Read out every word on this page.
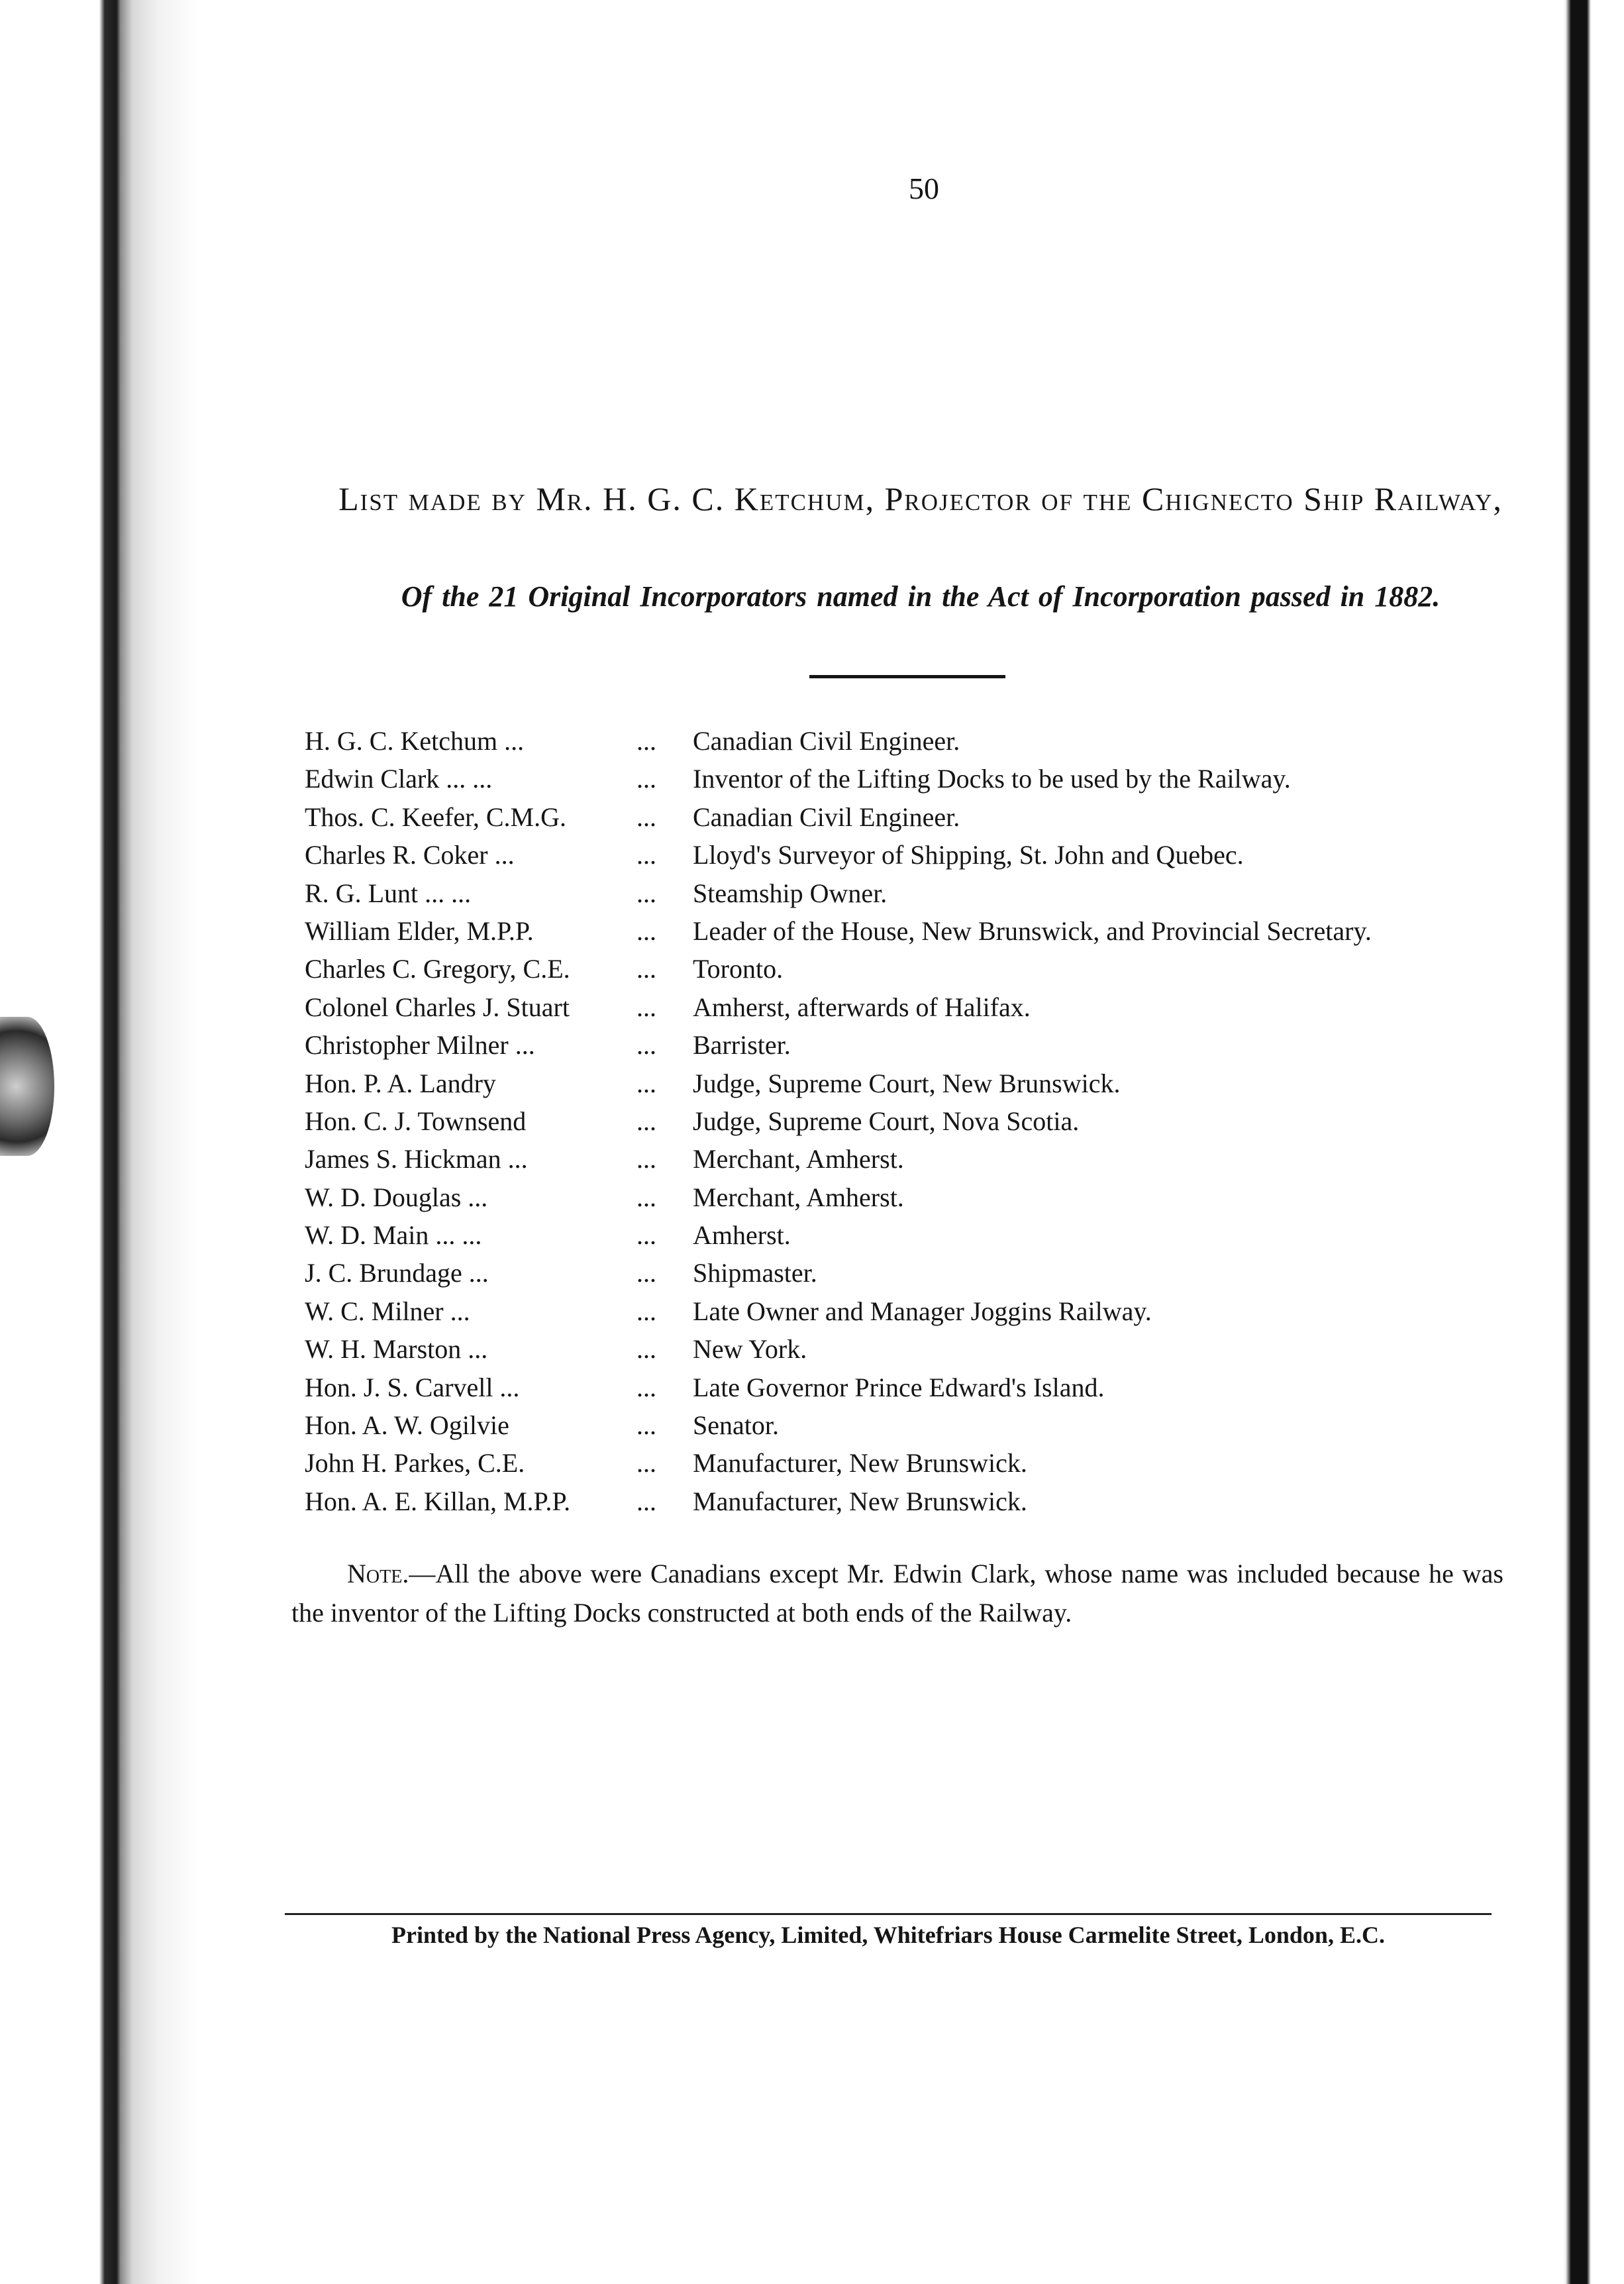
50
List made by Mr. H. G. C. Ketchum, Projector of the Chignecto Ship Railway,
Of the 21 Original Incorporators named in the Act of Incorporation passed in 1882.
H. G. C. Ketchum ...	... Canadian Civil Engineer.
Edwin Clark ... ...	... Inventor of the Lifting Docks to be used by the Railway.
Thos. C. Keefer, C.M.G.	... Canadian Civil Engineer.
Charles R. Coker ...	... Lloyd's Surveyor of Shipping, St. John and Quebec.
R. G. Lunt ... ...	... Steamship Owner.
William Elder, M.P.P.	... Leader of the House, New Brunswick, and Provincial Secretary.
Charles C. Gregory, C.E.	... Toronto.
Colonel Charles J. Stuart	... Amherst, afterwards of Halifax.
Christopher Milner ...	... Barrister.
Hon. P. A. Landry	... Judge, Supreme Court, New Brunswick.
Hon. C. J. Townsend	... Judge, Supreme Court, Nova Scotia.
James S. Hickman ...	... Merchant, Amherst.
W. D. Douglas ...	... Merchant, Amherst.
W. D. Main ... ...	... Amherst.
J. C. Brundage ...	... Shipmaster.
W. C. Milner ...	... Late Owner and Manager Joggins Railway.
W. H. Marston ...	... New York.
Hon. J. S. Carvell ...	... Late Governor Prince Edward's Island.
Hon. A. W. Ogilvie	... Senator.
John H. Parkes, C.E.	... Manufacturer, New Brunswick.
Hon. A. E. Killan, M.P.P. ... Manufacturer, New Brunswick.
Note.—All the above were Canadians except Mr. Edwin Clark, whose name was included because he was the inventor of the Lifting Docks constructed at both ends of the Railway.
Printed by the National Press Agency, Limited, Whitefriars House Carmelite Street, London, E.C.
